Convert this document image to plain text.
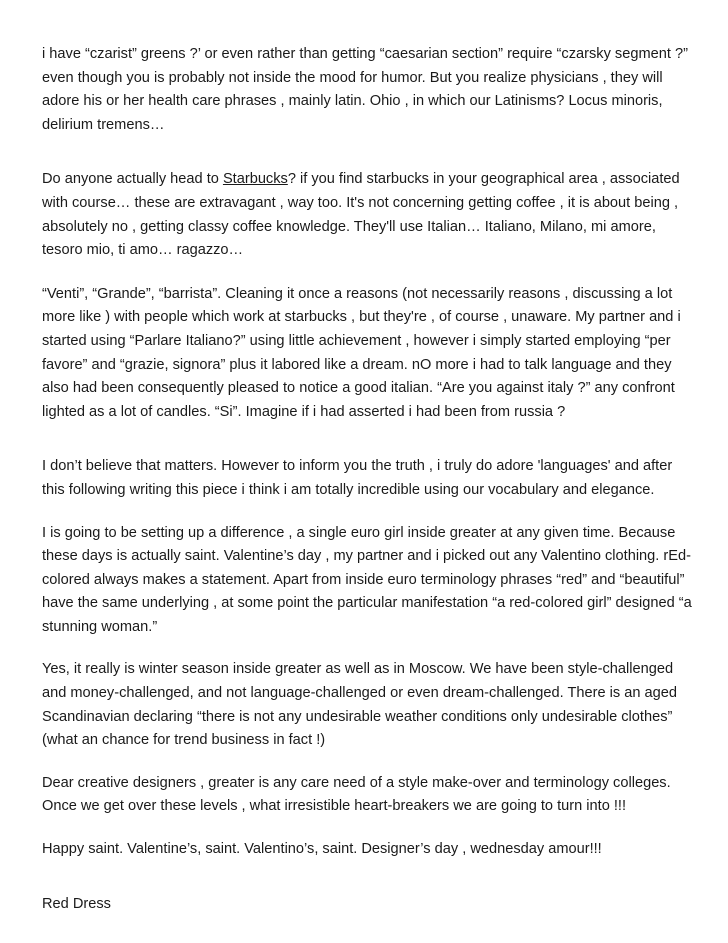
i have “czarist” greens ?’ or even rather than getting “caesarian section” require “czarsky segment ?”
even though you is probably not inside the mood for humor. But you realize physicians , they will
adore his or her health care phrases , mainly latin. Ohio , in which our Latinisms? Locus minoris,
delirium tremens…
Do anyone actually head to Starbucks? if you find starbucks in your geographical area , associated
with course… these are extravagant , way too. It's not concerning getting coffee , it is about being ,
absolutely no , getting classy coffee knowledge. They'll use Italian… Italiano, Milano, mi amore,
tesoro mio, ti amo… ragazzo…
“Venti”, “Grande”, “barrista”. Cleaning it once a reasons (not necessarily reasons , discussing a lot
more like ) with people which work at starbucks , but they're , of course , unaware. My partner and i
started using “Parlare Italiano?” using little achievement , however i simply started employing “per
favore” and “grazie, signora” plus it labored like a dream. nO more i had to talk language and they
also had been consequently pleased to notice a good italian. “Are you against italy ?” any confront
lighted as a lot of candles. “Si”. Imagine if i had asserted i had been from russia ?
I don’t believe that matters. However to inform you the truth , i truly do adore 'languages' and after
this following writing this piece i think i am totally incredible using our vocabulary and elegance.
I is going to be setting up a difference , a single euro girl inside greater at any given time. Because
these days is actually saint. Valentine’s day , my partner and i picked out any Valentino clothing. rEd-
colored always makes a statement. Apart from inside euro terminology phrases “red” and “beautiful”
have the same underlying , at some point the particular manifestation “a red-colored girl” designed “a
stunning woman.”
Yes, it really is winter season inside greater as well as in Moscow. We have been style-challenged
and money-challenged, and not language-challenged or even dream-challenged. There is an aged
Scandinavian declaring “there is not any undesirable weather conditions only undesirable clothes”
(what an chance for trend business in fact !)
Dear creative designers , greater is any care need of a style make-over and terminology colleges.
Once we get over these levels , what irresistible heart-breakers we are going to turn into !!!
Happy saint. Valentine’s, saint. Valentino’s, saint. Designer’s day , wednesday amour!!!
Red Dress
